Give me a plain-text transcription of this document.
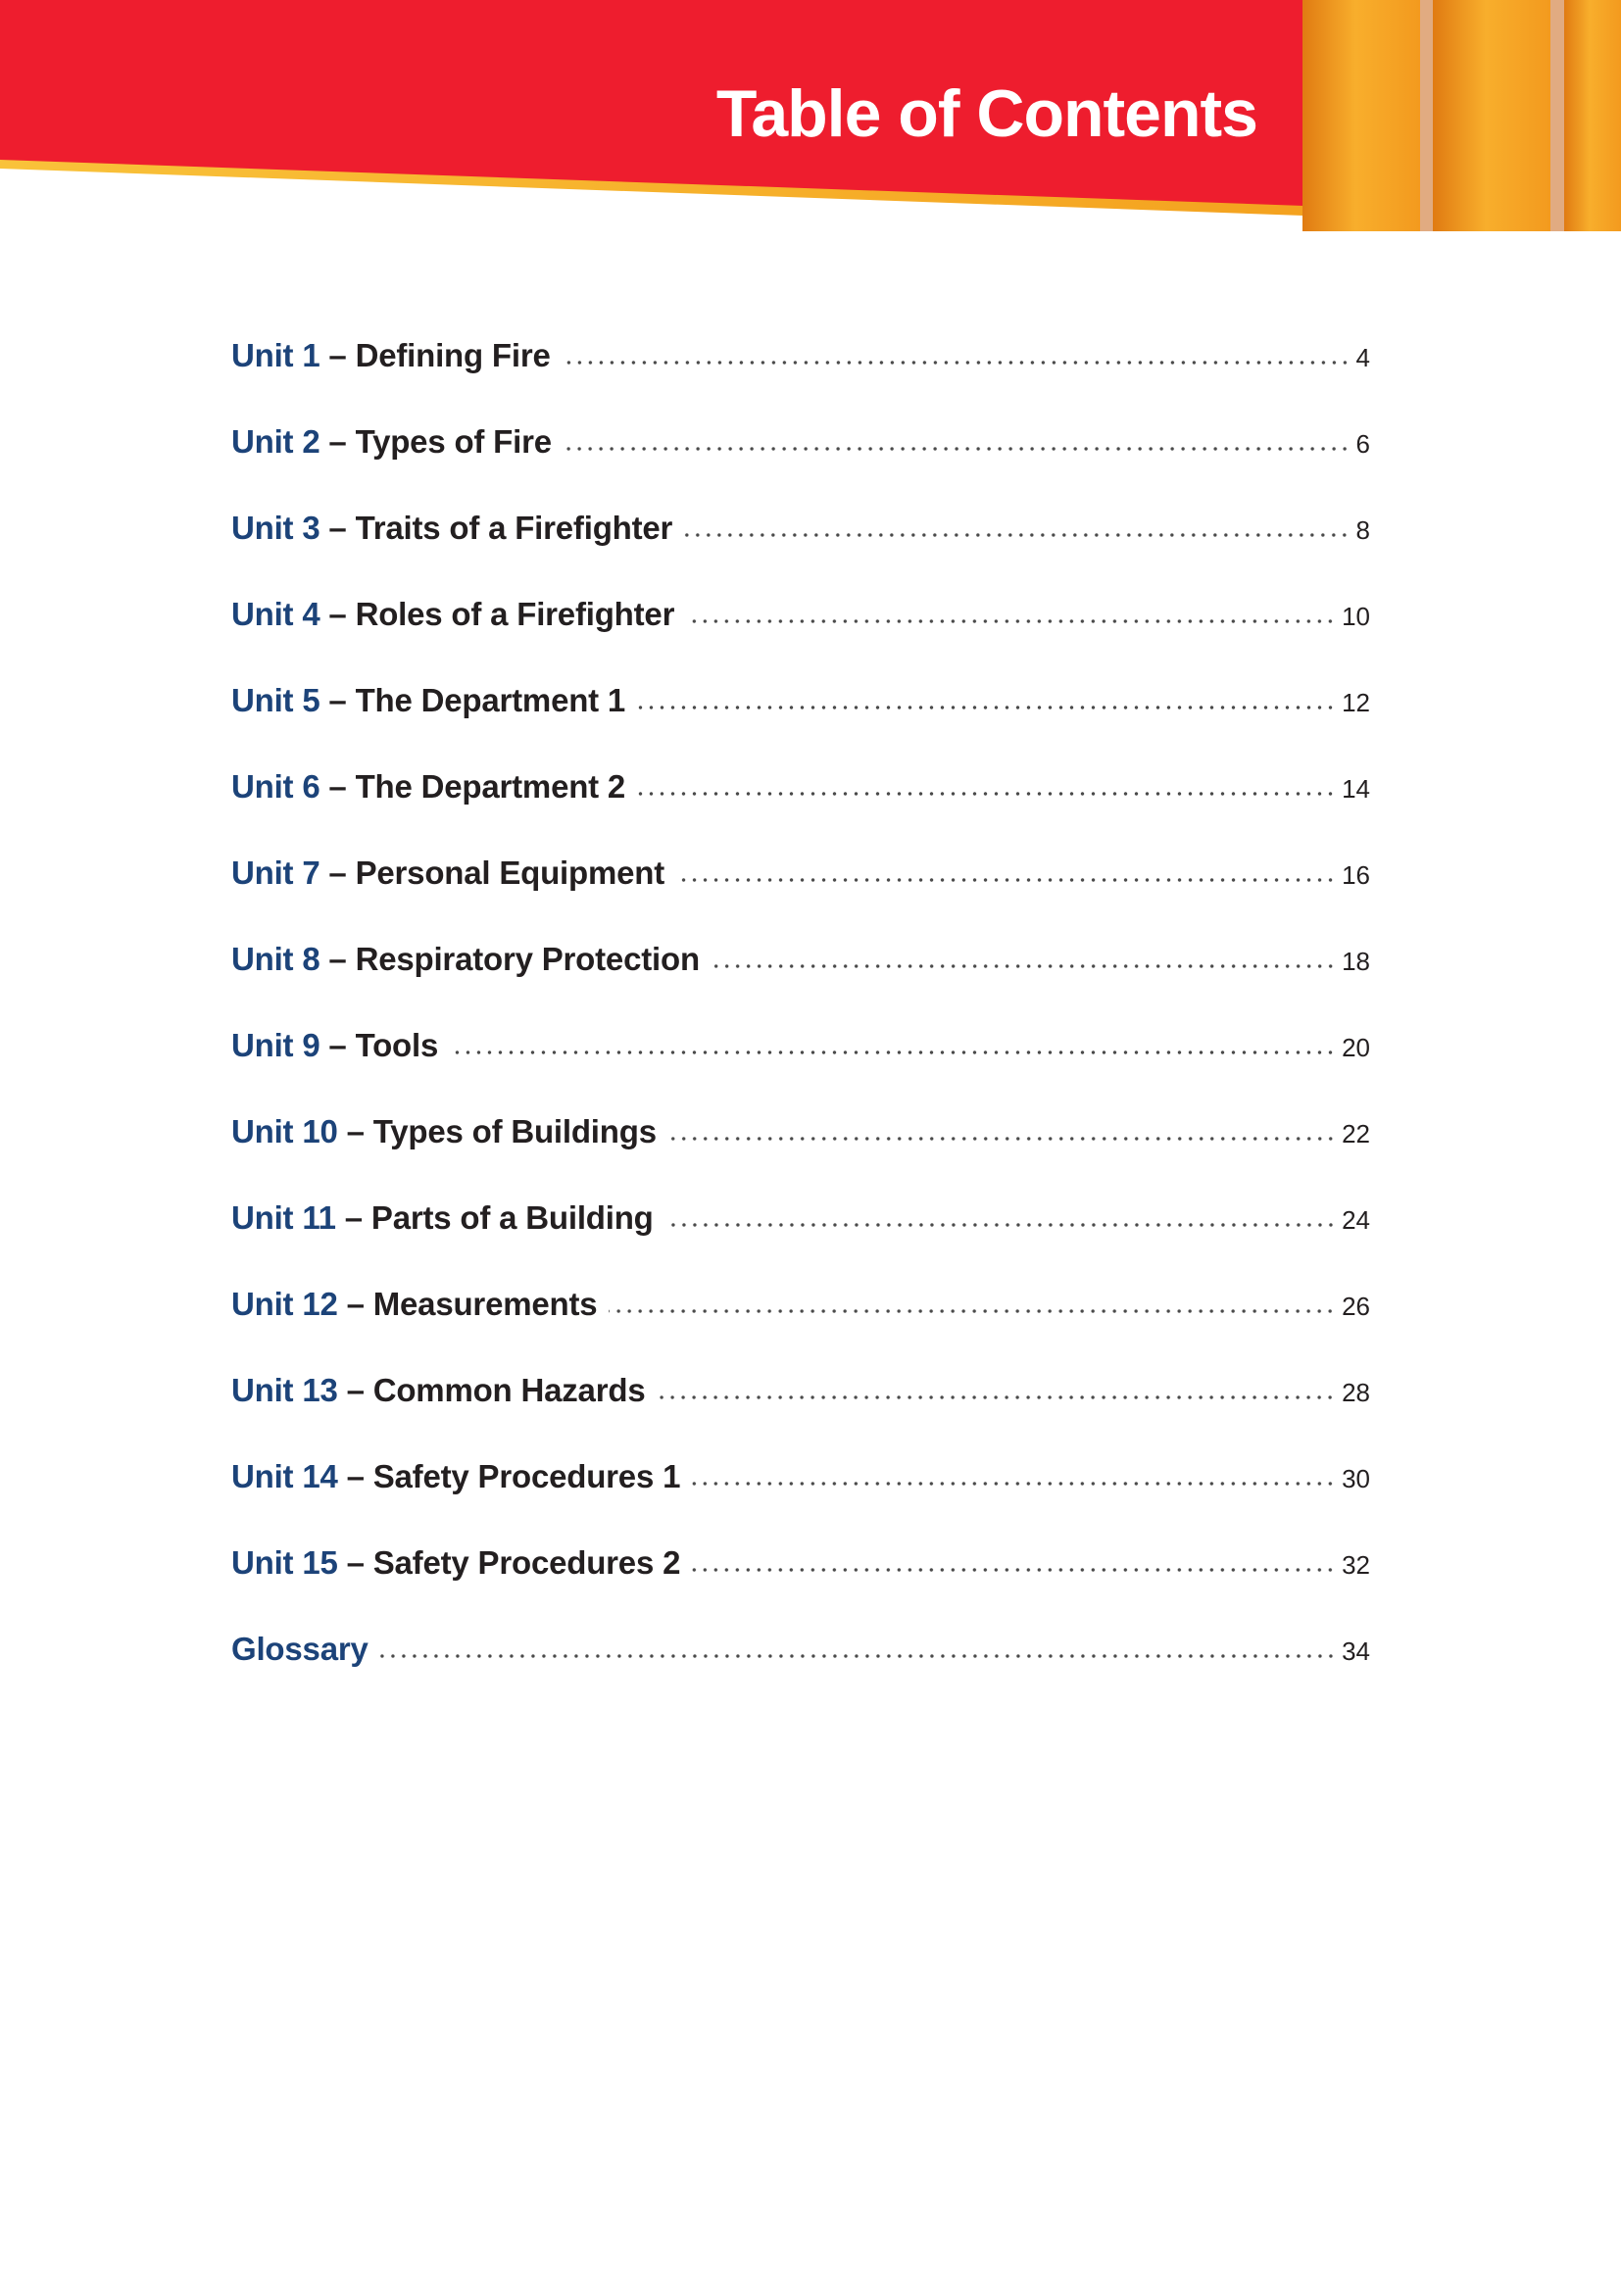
Table of Contents
Unit 1 – Defining Fire	4
Unit 2 – Types of Fire	6
Unit 3 – Traits of a Firefighter	8
Unit 4 – Roles of a Firefighter	10
Unit 5 – The Department 1	12
Unit 6 – The Department 2	14
Unit 7 – Personal Equipment	16
Unit 8 – Respiratory Protection	18
Unit 9 – Tools	20
Unit 10 – Types of Buildings	22
Unit 11 – Parts of a Building	24
Unit 12 – Measurements	26
Unit 13 – Common Hazards	28
Unit 14 – Safety Procedures 1	30
Unit 15 – Safety Procedures 2	32
Glossary	34
